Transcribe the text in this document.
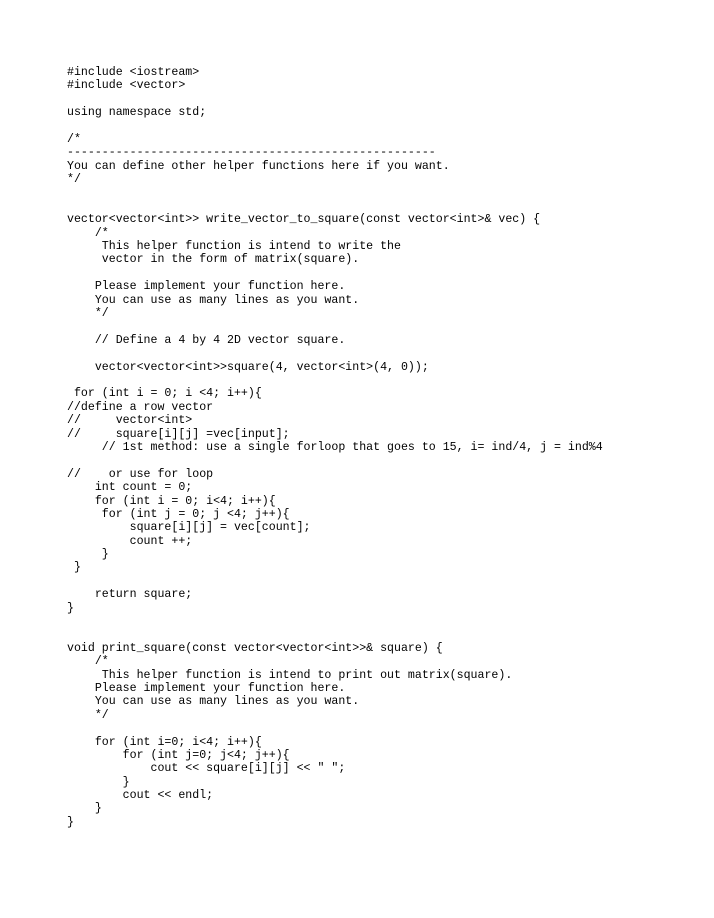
#include <iostream>
#include <vector>
using namespace std;
/*
-----------------------------------------------------
You can define other helper functions here if you want.
*/
vector<vector<int>> write_vector_to_square(const vector<int>& vec) {
/*
This helper function is intend to write the
vector in the form of matrix(square).
Please implement your function here.
You can use as many lines as you want.
*/
// Define a 4 by 4 2D vector square.
vector<vector<int>>square(4, vector<int>(4, 0));
for (int i = 0; i <4; i++){
//define a row vector
//     vector<int>
//     square[i][j] =vec[input];
// 1st method: use a single forloop that goes to 15, i= ind/4, j = ind%4
//    or use for loop
int count = 0;
for (int i = 0; i<4; i++){
for (int j = 0; j <4; j++){
square[i][j] = vec[count];
count ++;
}
}
return square;
}
void print_square(const vector<vector<int>>& square) {
/*
This helper function is intend to print out matrix(square).
Please implement your function here.
You can use as many lines as you want.
*/
for (int i=0; i<4; i++){
for (int j=0; j<4; j++){
cout << square[i][j] << " ";
}
cout << endl;
}
}
